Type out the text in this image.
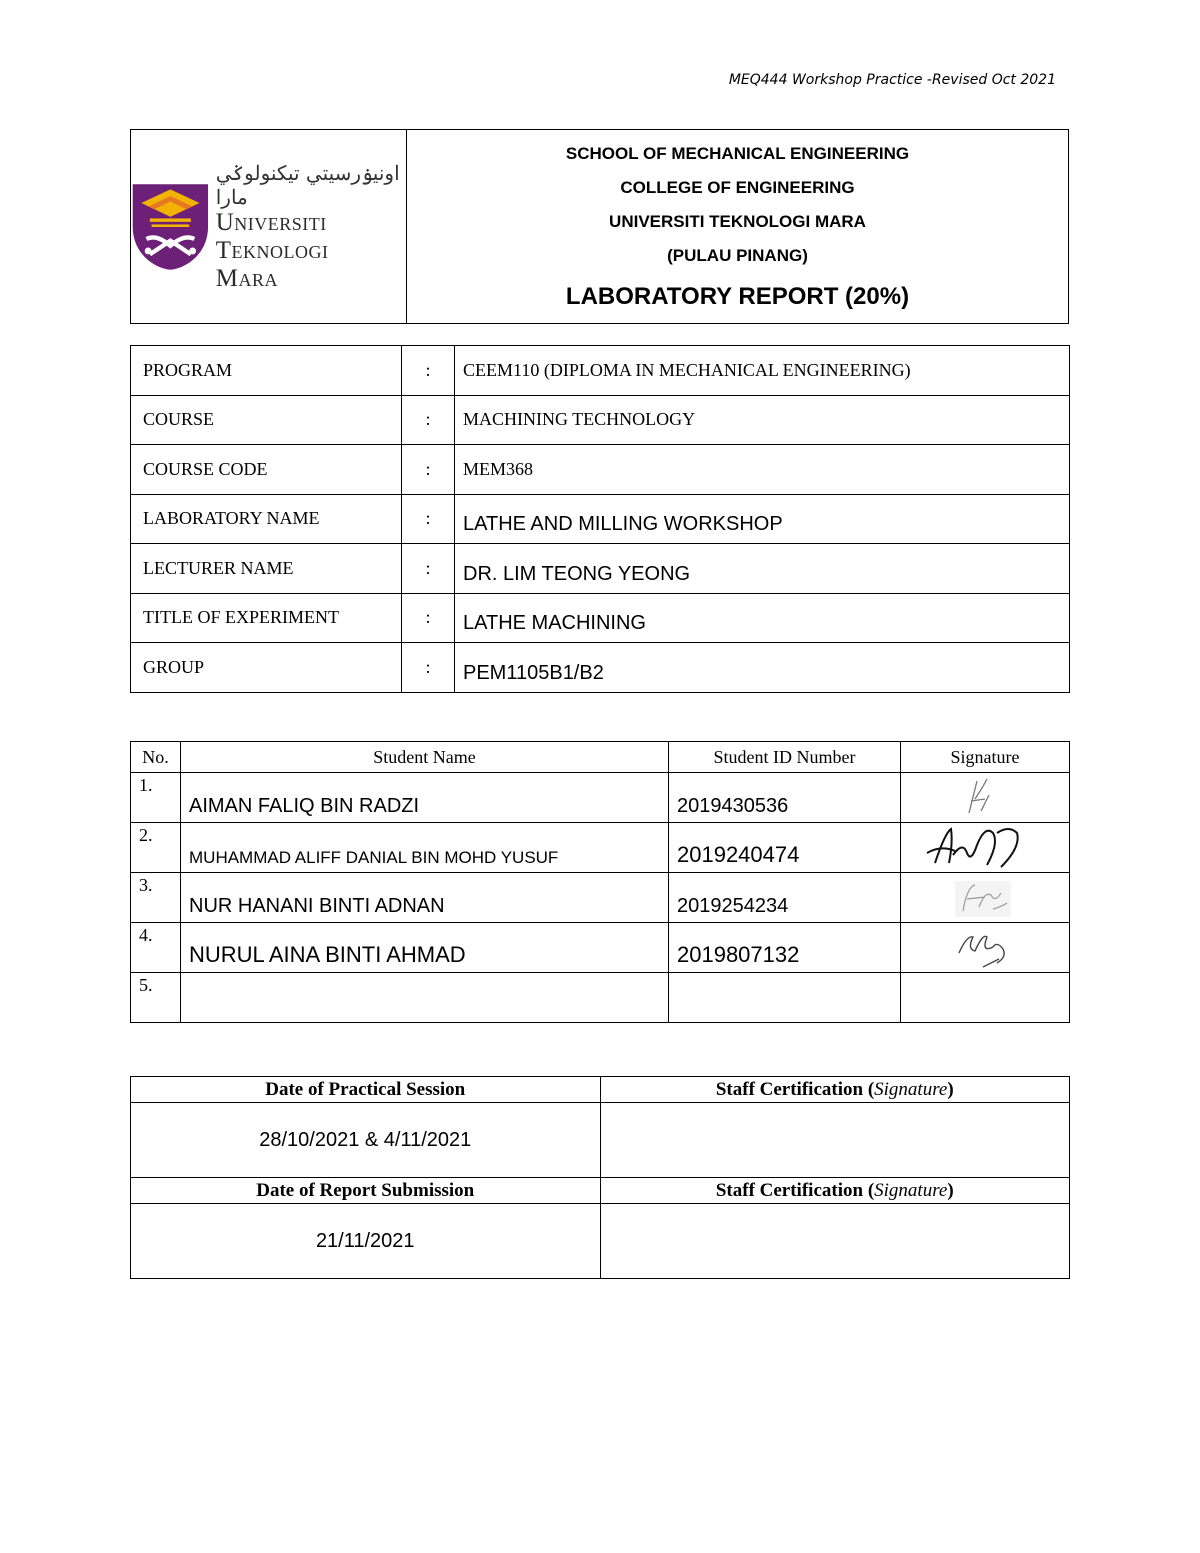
MEQ444 Workshop Practice -Revised Oct 2021
اونيۏرسيتي تيكنولوݢي مارا
Universiti
Teknologi
Mara

SCHOOL OF MECHANICAL ENGINEERING
COLLEGE OF ENGINEERING
UNIVERSITI TEKNOLOGI MARA
(PULAU PINANG)
LABORATORY REPORT (20%)
PROGRAM	:	CEEM110 (DIPLOMA IN MECHANICAL ENGINEERING)
COURSE	:	MACHINING TECHNOLOGY
COURSE CODE	:	MEM368
LABORATORY NAME	:	LATHE AND MILLING WORKSHOP
LECTURER NAME	:	DR. LIM TEONG YEONG
TITLE OF EXPERIMENT	:	LATHE MACHINING
GROUP	:	PEM1105B1/B2
No.	Student Name	Student ID Number	Signature

1.	AIMAN FALIQ BIN RADZI	2019430536

2.	MUHAMMAD ALIFF DANIAL BIN MOHD YUSUF	2019240474

3.	NUR HANANI BINTI ADNAN	2019254234

4.	NURUL AINA BINTI AHMAD	2019807132

5.			

Date of Practical Session	Staff Certification (Signature)
28/10/2021 & 4/11/2021	
Date of Report Submission	Staff Certification (Signature)
21/11/2021	
